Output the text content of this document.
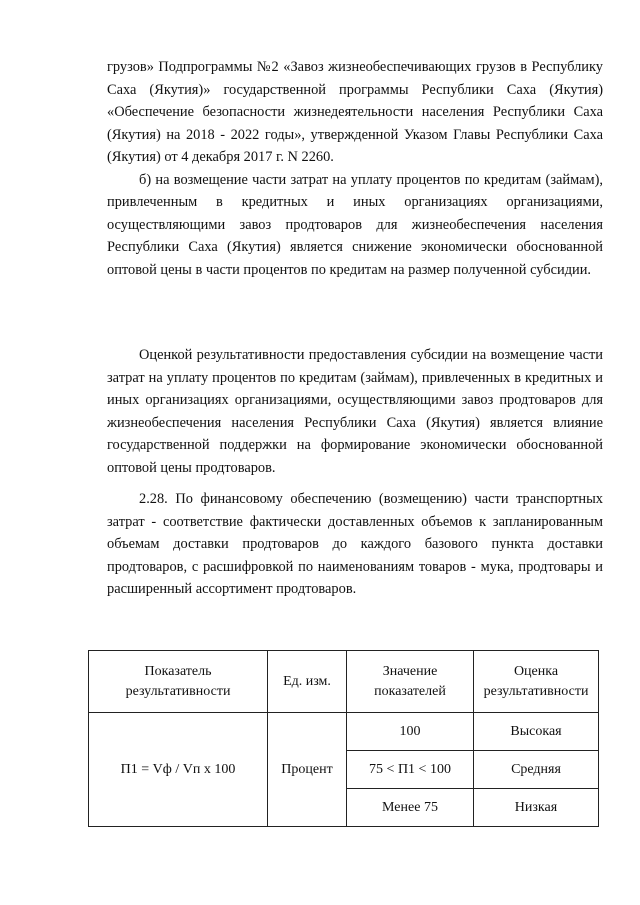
грузов» Подпрограммы №2 «Завоз жизнеобеспечивающих грузов в Республику Саха (Якутия)» государственной программы Республики Саха (Якутия) «Обеспечение безопасности жизнедеятельности населения Республики Саха (Якутия) на 2018 - 2022 годы», утвержденной Указом Главы Республики Саха (Якутия) от 4 декабря 2017 г. N 2260.

б) на возмещение части затрат на уплату процентов по кредитам (займам), привлеченным в кредитных и иных организациях организациями, осуществляющими завоз продтоваров для жизнеобеспечения населения Республики Саха (Якутия) является снижение экономически обоснованной оптовой цены в части процентов по кредитам на размер полученной субсидии.

Оценкой результативности предоставления субсидии на возмещение части затрат на уплату процентов по кредитам (займам), привлеченных в кредитных и иных организациях организациями, осуществляющими завоз продтоваров для жизнеобеспечения населения Республики Саха (Якутия) является влияние государственной поддержки на формирование экономически обоснованной оптовой цены продтоваров.

2.28. По финансовому обеспечению (возмещению) части транспортных затрат - соответствие фактически доставленных объемов к запланированным объемам доставки продтоваров до каждого базового пункта доставки продтоваров, с расшифровкой по наименованиям товаров - мука, продтовары и расширенный ассортимент продтоваров.

Показатель результативности	Ед. изм.	Значение показателей	Оценка результативности
П1 = Vф / Vп х 100	Процент	100	Высокая
		75 < П1 < 100	Средняя
		Менее 75	Низкая
